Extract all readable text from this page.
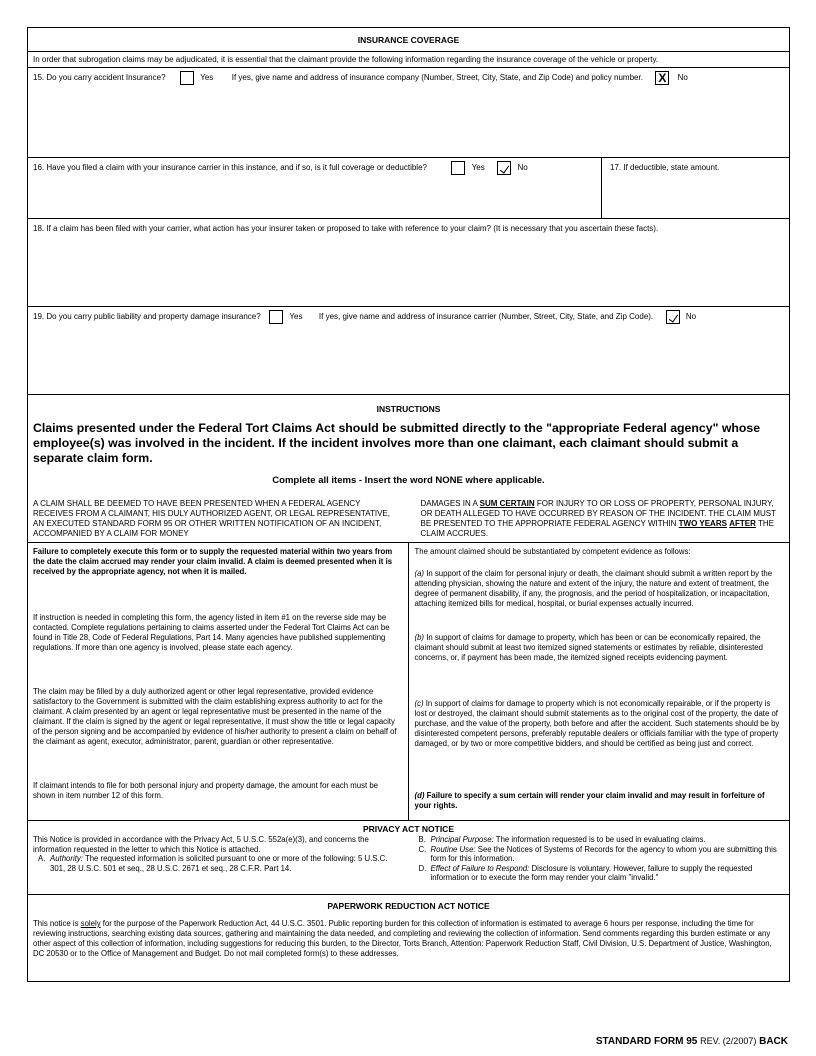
INSURANCE COVERAGE
In order that subrogation claims may be adjudicated, it is essential that the claimant provide the following information regarding the insurance coverage of the vehicle or property.
15. Do you carry accident Insurance?	Yes If yes, give name and address of insurance company (Number, Street, City, State, and Zip Code) and policy number. X No
16. Have you filed a claim with your insurance carrier in this instance, and if so, is it full coverage or deductible?	Yes	No	17. If deductible, state amount.
18. If a claim has been filed with your carrier, what action has your insurer taken or proposed to take with reference to your claim? (It is necessary that you ascertain these facts).
19. Do you carry public liability and property damage insurance?	Yes If yes, give name and address of insurance carrier (Number, Street, City, State, and Zip Code).	No
INSTRUCTIONS
Claims presented under the Federal Tort Claims Act should be submitted directly to the "appropriate Federal agency" whose employee(s) was involved in the incident. If the incident involves more than one claimant, each claimant should submit a separate claim form.
Complete all items - Insert the word NONE where applicable.
A CLAIM SHALL BE DEEMED TO HAVE BEEN PRESENTED WHEN A FEDERAL AGENCY RECEIVES FROM A CLAIMANT, HIS DULY AUTHORIZED AGENT, OR LEGAL REPRESENTATIVE, AN EXECUTED STANDARD FORM 95 OR OTHER WRITTEN NOTIFICATION OF AN INCIDENT, ACCOMPANIED BY A CLAIM FOR MONEY
DAMAGES IN A SUM CERTAIN FOR INJURY TO OR LOSS OF PROPERTY, PERSONAL INJURY, OR DEATH ALLEGED TO HAVE OCCURRED BY REASON OF THE INCIDENT. THE CLAIM MUST BE PRESENTED TO THE APPROPRIATE FEDERAL AGENCY WITHIN TWO YEARS AFTER THE CLAIM ACCRUES.
Failure to completely execute this form or to supply the requested material within two years from the date the claim accrued may render your claim invalid. A claim is deemed presented when it is received by the appropriate agency, not when it is mailed.
If instruction is needed in completing this form, the agency listed in item #1 on the reverse side may be contacted. Complete regulations pertaining to claims asserted under the Federal Tort Claims Act can be found in Title 28, Code of Federal Regulations, Part 14. Many agencies have published supplementing regulations. If more than one agency is involved, please state each agency.
The claim may be filled by a duly authorized agent or other legal representative, provided evidence satisfactory to the Government is submitted with the claim establishing express authority to act for the claimant. A claim presented by an agent or legal representative must be presented in the name of the claimant. If the claim is signed by the agent or legal representative, it must show the title or legal capacity of the person signing and be accompanied by evidence of his/her authority to present a claim on behalf of the claimant as agent, executor, administrator, parent, guardian or other representative.
If claimant intends to file for both personal injury and property damage, the amount for each must be shown in item number 12 of this form.
The amount claimed should be substantiated by competent evidence as follows:
(a) In support of the claim for personal injury or death, the claimant should submit a written report by the attending physician, showing the nature and extent of the injury, the nature and extent of treatment, the degree of permanent disability, if any, the prognosis, and the period of hospitalization, or incapacitation, attaching itemized bills for medical, hospital, or burial expenses actually incurred.
(b) In support of claims for damage to property, which has been or can be economically repaired, the claimant should submit at least two itemized signed statements or estimates by reliable, disinterested concerns, or, if payment has been made, the itemized signed receipts evidencing payment.
(c) In support of claims for damage to property which is not economically repairable, or if the property is lost or destroyed, the claimant should submit statements as to the original cost of the property, the date of purchase, and the value of the property, both before and after the accident. Such statements should be by disinterested competent persons, preferably reputable dealers or officials familiar with the type of property damaged, or by two or more competitive bidders, and should be certified as being just and correct.
(d) Failure to specify a sum certain will render your claim invalid and may result in forfeiture of your rights.
PRIVACY ACT NOTICE
This Notice is provided in accordance with the Privacy Act, 5 U.S.C. 552a(e)(3), and concerns the information requested in the letter to which this Notice is attached.
A. Authority: The requested information is solicited pursuant to one or more of the following: 5 U.S.C. 301, 28 U.S.C. 501 et seq., 28 U.S.C. 2671 et seq., 28 C.F.R. Part 14.
B. Principal Purpose: The information requested is to be used in evaluating claims.
C. Routine Use: See the Notices of Systems of Records for the agency to whom you are submitting this form for this information.
D. Effect of Failure to Respond: Disclosure is voluntary. However, failure to supply the requested information or to execute the form may render your claim "invalid."
PAPERWORK REDUCTION ACT NOTICE
This notice is solely for the purpose of the Paperwork Reduction Act, 44 U.S.C. 3501. Public reporting burden for this collection of information is estimated to average 6 hours per response, including the time for reviewing instructions, searching existing data sources, gathering and maintaining the data needed, and completing and reviewing the collection of information. Send comments regarding this burden estimate or any other aspect of this collection of information, including suggestions for reducing this burden, to the Director, Torts Branch, Attention: Paperwork Reduction Staff, Civil Division, U.S. Department of Justice, Washington, DC 20530 or to the Office of Management and Budget. Do not mail completed form(s) to these addresses.
STANDARD FORM 95 REV. (2/2007) BACK
